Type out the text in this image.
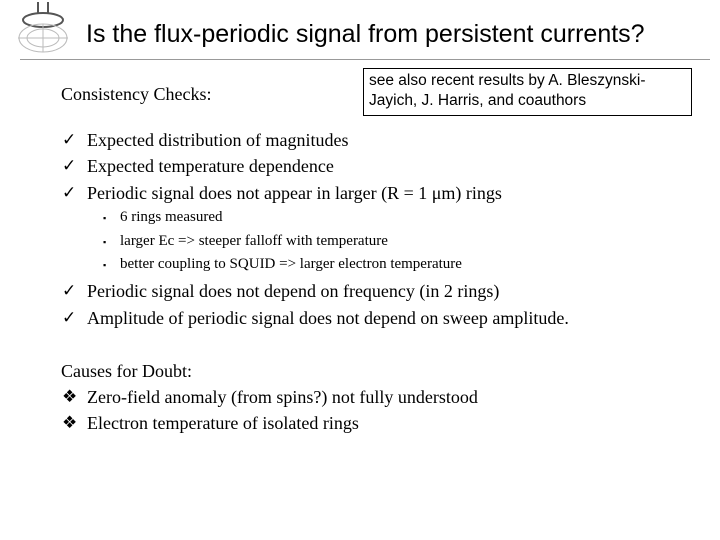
Is the flux-periodic signal from persistent currents?
Consistency Checks:
see also recent results by A. Bleszynski-
Jayich, J. Harris, and coauthors
✓ Expected distribution of magnitudes
✓ Expected temperature dependence
✓ Periodic signal does not appear in larger (R = 1 μm) rings
▪ 6 rings measured
▪ larger Ec => steeper falloff with temperature
▪ better coupling to SQUID => larger electron temperature
✓ Periodic signal does not depend on frequency (in 2 rings)
✓ Amplitude of periodic signal does not depend on sweep amplitude.
Causes for Doubt:
❖ Zero-field anomaly (from spins?) not fully understood
❖ Electron temperature of isolated rings
